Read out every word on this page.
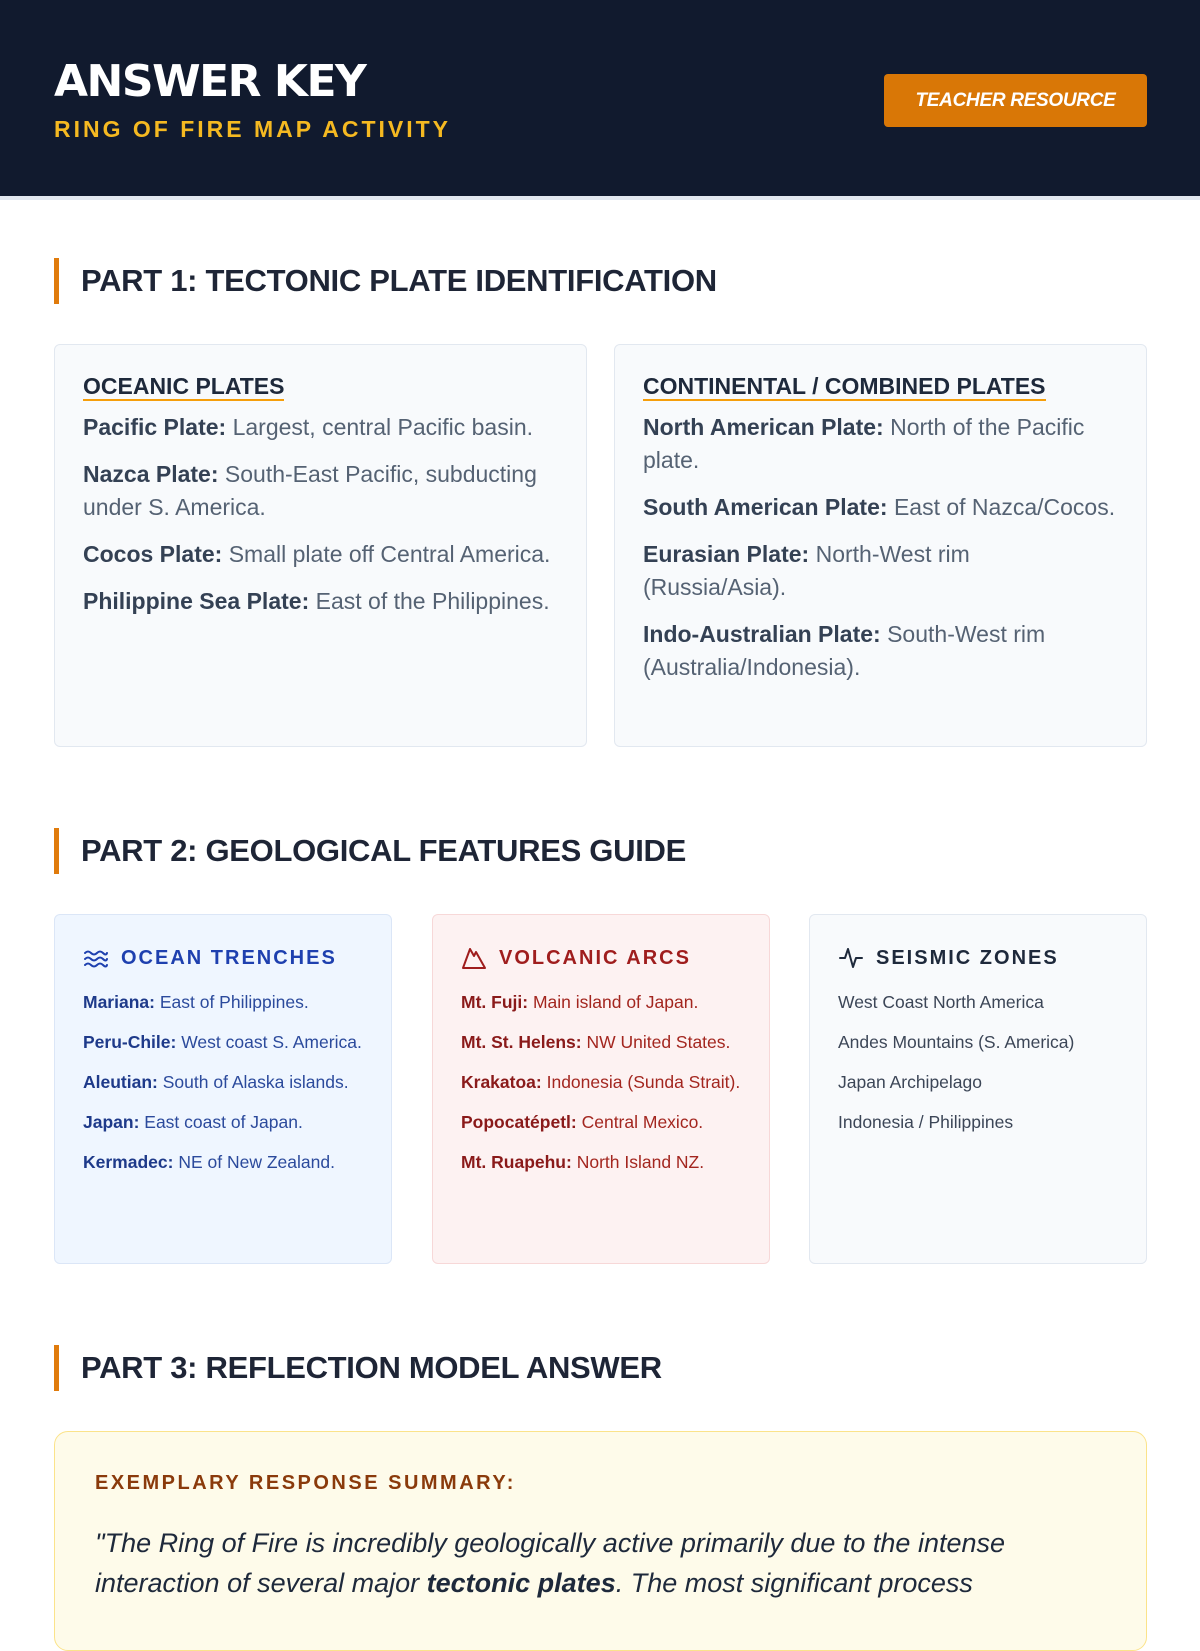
ANSWER KEY
RING OF FIRE MAP ACTIVITY
TEACHER RESOURCE
PART 1: TECTONIC PLATE IDENTIFICATION
OCEANIC PLATES
Pacific Plate: Largest, central Pacific basin.
Nazca Plate: South-East Pacific, subducting under S. America.
Cocos Plate: Small plate off Central America.
Philippine Sea Plate: East of the Philippines.
CONTINENTAL / COMBINED PLATES
North American Plate: North of the Pacific plate.
South American Plate: East of Nazca/Cocos.
Eurasian Plate: North-West rim (Russia/Asia).
Indo-Australian Plate: South-West rim (Australia/Indonesia).
PART 2: GEOLOGICAL FEATURES GUIDE
OCEAN TRENCHES
Mariana: East of Philippines.
Peru-Chile: West coast S. America.
Aleutian: South of Alaska islands.
Japan: East coast of Japan.
Kermadec: NE of New Zealand.
VOLCANIC ARCS
Mt. Fuji: Main island of Japan.
Mt. St. Helens: NW United States.
Krakatoa: Indonesia (Sunda Strait).
Popocatépetl: Central Mexico.
Mt. Ruapehu: North Island NZ.
SEISMIC ZONES
West Coast North America
Andes Mountains (S. America)
Japan Archipelago
Indonesia / Philippines
PART 3: REFLECTION MODEL ANSWER
EXEMPLARY RESPONSE SUMMARY:
"The Ring of Fire is incredibly geologically active primarily due to the intense interaction of several major tectonic plates. The most significant process
